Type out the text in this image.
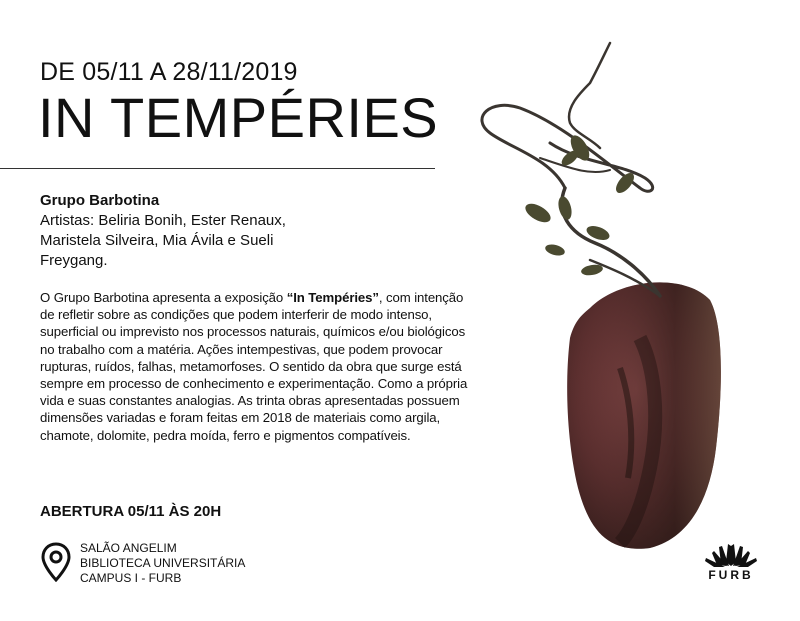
DE 05/11 A 28/11/2019
IN TEMPÉRIES
Grupo Barbotina
Artistas: Beliria Bonih, Ester Renaux,
Maristela Silveira, Mia Ávila e Sueli
Freygang.
O Grupo Barbotina apresenta a exposição “In Tempéries”, com intenção de refletir sobre as condições que podem interferir de modo intenso, superficial ou imprevisto nos processos naturais, químicos e/ou biológicos no trabalho com a matéria. Ações intempestivas, que podem provocar rupturas, ruídos, falhas, metamorfoses. O sentido da obra que surge está sempre em processo de conhecimento e experimentação. Como a própria vida e suas constantes analogias. As trinta obras apresentadas possuem dimensões variadas e foram feitas em 2018 de materiais como argila, chamote, dolomite, pedra moída, ferro e pigmentos compatíveis.
ABERTURA 05/11 ÀS 20H
SALÃO ANGELIM
BIBLIOTECA UNIVERSITÁRIA
CAMPUS I - FURB	FURB
